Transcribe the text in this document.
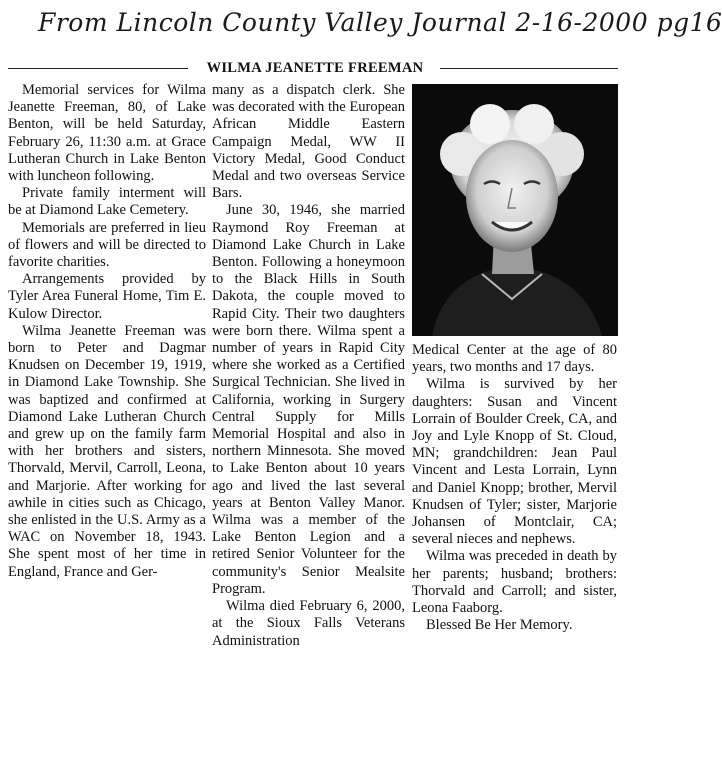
From Lincoln County Valley Journal 2-16-2000 pg16
WILMA JEANETTE FREEMAN

Memorial services for Wilma Jeanette Freeman, 80, of Lake Benton, will be held Saturday, February 26, 11:30 a.m. at Grace Lutheran Church in Lake Benton with luncheon following.

Private family interment will be at Diamond Lake Cemetery.

Memorials are preferred in lieu of flowers and will be directed to favorite charities.

Arrangements provided by Tyler Area Funeral Home, Tim E. Kulow Director.

Wilma Jeanette Freeman was born to Peter and Dagmar Knudsen on December 19, 1919, in Diamond Lake Township. She was baptized and confirmed at Diamond Lake Lutheran Church and grew up on the family farm with her brothers and sisters, Thorvald, Mervil, Carroll, Leona, and Marjorie. After working for awhile in cities such as Chicago, she enlisted in the U.S. Army as a WAC on November 18, 1943. She spent most of her time in England, France and Ger-

many as a dispatch clerk. She was decorated with the European African Middle Eastern Campaign Medal, WW II Victory Medal, Good Conduct Medal and two overseas Service Bars.

June 30, 1946, she married Raymond Roy Freeman at Diamond Lake Church in Lake Benton. Following a honeymoon to the Black Hills in South Dakota, the couple moved to Rapid City. Their two daughters were born there. Wilma spent a number of years in Rapid City where she worked as a Certified Surgical Technician. She lived in California, working in Surgery Central Supply for Mills Memorial Hospital and also in northern Minnesota. She moved to Lake Benton about 10 years ago and lived the last several years at Benton Valley Manor. Wilma was a member of the Lake Benton Legion and a retired Senior Volunteer for the community's Senior Mealsite Program.

Wilma died February 6, 2000, at the Sioux Falls Veterans Administration

Medical Center at the age of 80 years, two months and 17 days.

Wilma is survived by her daughters: Susan and Vincent Lorrain of Boulder Creek, CA, and Joy and Lyle Knopp of St. Cloud, MN; grandchildren: Jean Paul Vincent and Lesta Lorrain, Lynn and Daniel Knopp; brother, Mervil Knudsen of Tyler; sister, Marjorie Johansen of Montclair, CA; several nieces and nephews.

Wilma was preceded in death by her parents; husband; brothers: Thorvald and Carroll; and sister, Leona Faaborg.

Blessed Be Her Memory.
